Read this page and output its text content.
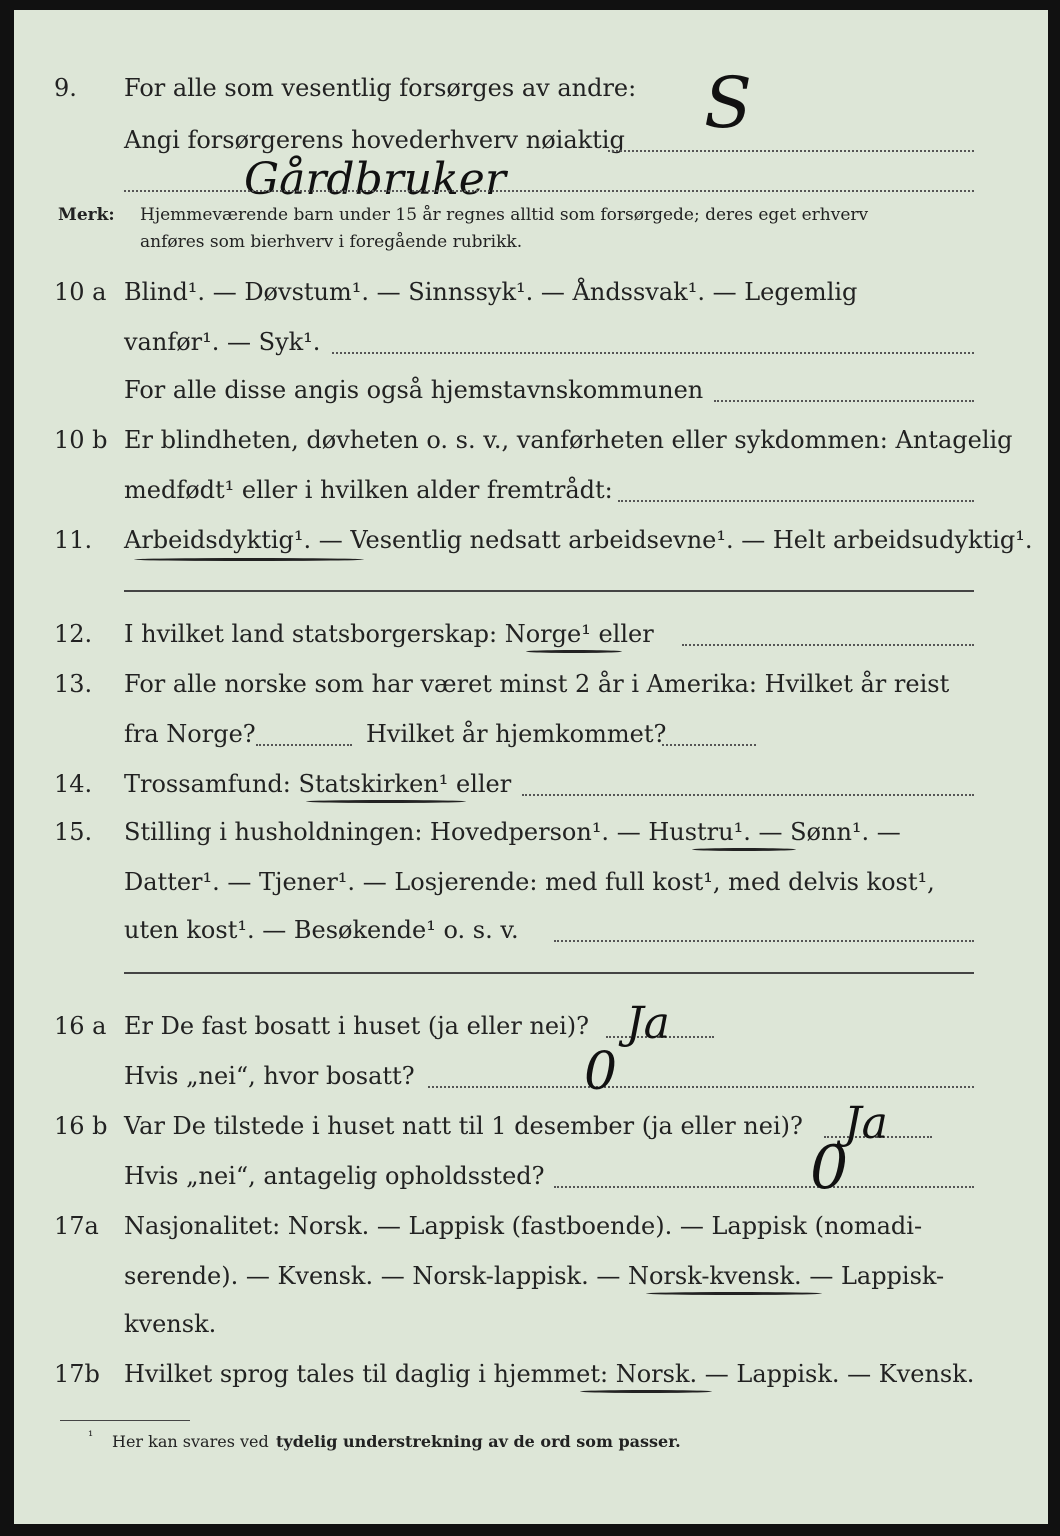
9. For alle som vesentlig forsørges av andre:
Angi forsørgerens hovederhverv nøiaktig S
Gårdbruker
Merk: Hjemmeværende barn under 15 år regnes alltid som forsørgede; deres eget erhverv
anføres som bierhverv i foregående rubrikk.
10 a Blind¹. — Døvstum¹. — Sinnssyk¹. — Åndssvak¹. — Legemlig
vanfør¹. — Syk¹.
For alle disse angis også hjemstavnskommunen
10 b Er blindheten, døvheten o. s. v., vanførheten eller sykdommen: Antagelig
medfødt¹ eller i hvilken alder fremtrådt:
11. Arbeidsdyktig¹. — Vesentlig nedsatt arbeidsevne¹. — Helt arbeidsudyktig¹.
12. I hvilket land statsborgerskap: Norge¹ eller
13. For alle norske som har været minst 2 år i Amerika: Hvilket år reist
fra Norge?	Hvilket år hjemkommet?
14. Trossamfund: Statskirken¹ eller
15. Stilling i husholdningen: Hovedperson¹. — Hustru¹. — Sønn¹. —
Datter¹. — Tjener¹. — Losjerende: med full kost¹, med delvis kost¹,
uten kost¹. — Besøkende¹ o. s. v.
16 a Er De fast bosatt i huset (ja eller nei)? Ja
Hvis „nei“, hvor bosatt?	0
16 b Var De tilstede i huset natt til 1 desember (ja eller nei)? Ja
Hvis „nei“, antagelig opholdssted?	0
17a Nasjonalitet: Norsk. — Lappisk (fastboende). — Lappisk (nomadi-
serende). — Kvensk. — Norsk-lappisk. — Norsk-kvensk. — Lappisk-
kvensk.
17b Hvilket sprog tales til daglig i hjemmet: Norsk. — Lappisk. — Kvensk.
¹ Her kan svares ved tydelig understrekning av de ord som passer.
